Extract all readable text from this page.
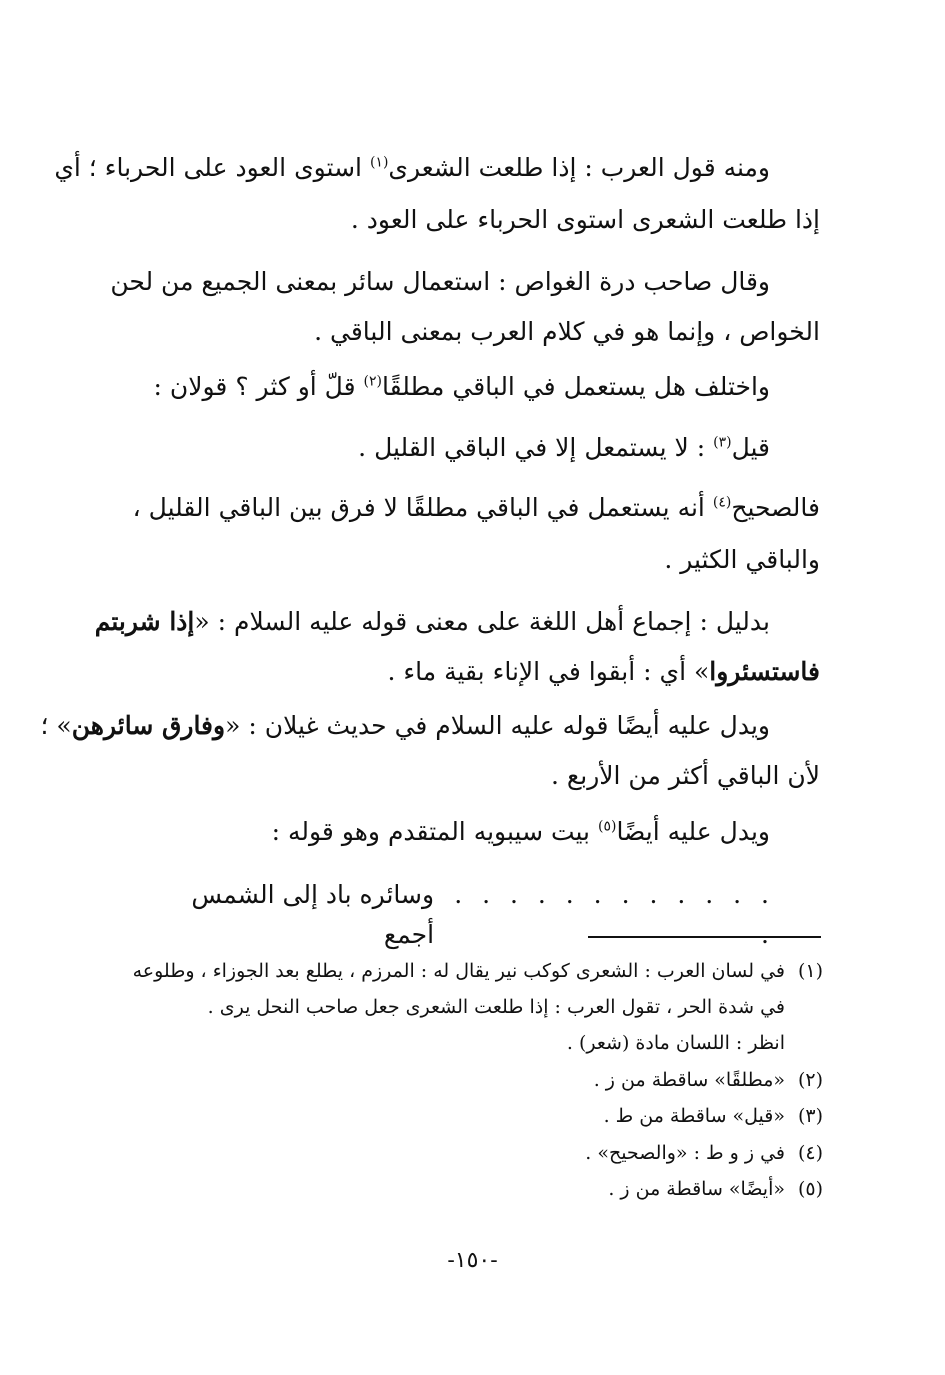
ومنه قول العرب : إذا طلعت الشعرى$^{(١)}$ استوى العود على الحرباء ؛ أي
إذا طلعت الشعرى استوى الحرباء على العود .
وقال صاحب درة الغواص : استعمال سائر بمعنى الجميع من لحن
الخواص ، وإنما هو في كلام العرب بمعنى الباقي .
واختلف هل يستعمل في الباقي مطلقًا$^{(٢)}$ قلّ أو كثر ؟ قولان :
قيل$^{(٣)}$ : لا يستمعل إلا في الباقي القليل .
فالصحيح$^{(٤)}$ أنه يستعمل في الباقي مطلقًا لا فرق بين الباقي القليل ،
والباقي الكثير .
بدليل : إجماع أهل اللغة على معنى قوله عليه السلام : «إذا شربتم
فاستسئروا» أي : أبقوا في الإناء بقية ماء .
ويدل عليه أيضًا قوله عليه السلام في حديث غيلان : «وفارق سائرهن» ؛
لأن الباقي أكثر من الأربع .
ويدل عليه أيضًا$^{(٥)}$ بيت سيبويه المتقدم وهو قوله :
. . . . . . . . . . . . .
وسائره باد إلى الشمس أجمع
(١)في لسان العرب : الشعرى كوكب نير يقال له : المرزم ، يطلع بعد الجوزاء ، وطلوعه
في شدة الحر ، تقول العرب : إذا طلعت الشعرى جعل صاحب النحل يرى .
انظر : اللسان مادة (شعر) .
(٢)«مطلقًا» ساقطة من ز .
(٣)«قيل» ساقطة من ط .
(٤)في ز و ط : «والصحيح» .
(٥)«أيضًا» ساقطة من ز .
-١٥٠-
